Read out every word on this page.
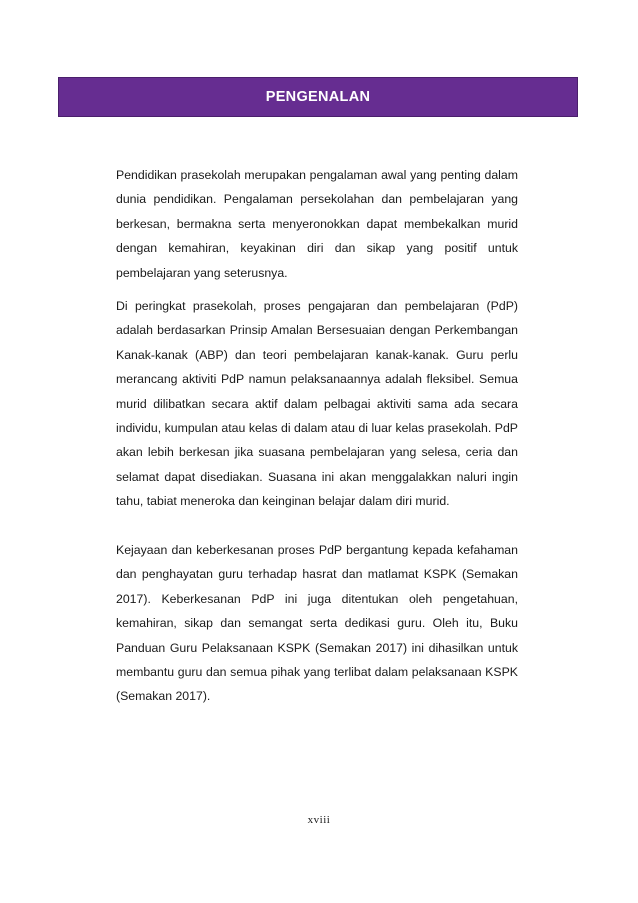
PENGENALAN

Pendidikan prasekolah merupakan pengalaman awal yang penting dalam dunia pendidikan. Pengalaman persekolahan dan pembelajaran yang berkesan, bermakna serta menyeronokkan dapat membekalkan murid dengan kemahiran, keyakinan diri dan sikap yang positif untuk pembelajaran yang seterusnya.

Di peringkat prasekolah, proses pengajaran dan pembelajaran (PdP) adalah berdasarkan Prinsip Amalan Bersesuaian dengan Perkembangan Kanak-kanak (ABP) dan teori pembelajaran kanak-kanak. Guru perlu merancang aktiviti PdP namun pelaksanaannya adalah fleksibel. Semua murid dilibatkan secara aktif dalam pelbagai aktiviti sama ada secara individu, kumpulan atau kelas di dalam atau di luar kelas prasekolah. PdP akan lebih berkesan jika suasana pembelajaran yang selesa, ceria dan selamat dapat disediakan. Suasana ini akan menggalakkan naluri ingin tahu, tabiat meneroka dan keinginan belajar dalam diri murid.

Kejayaan dan keberkesanan proses PdP bergantung kepada kefahaman dan penghayatan guru terhadap hasrat dan matlamat KSPK (Semakan 2017). Keberkesanan PdP ini juga ditentukan oleh pengetahuan, kemahiran, sikap dan semangat serta dedikasi guru. Oleh itu, Buku Panduan Guru Pelaksanaan KSPK (Semakan 2017) ini dihasilkan untuk membantu guru dan semua pihak yang terlibat dalam pelaksanaan KSPK (Semakan 2017).

xviii
